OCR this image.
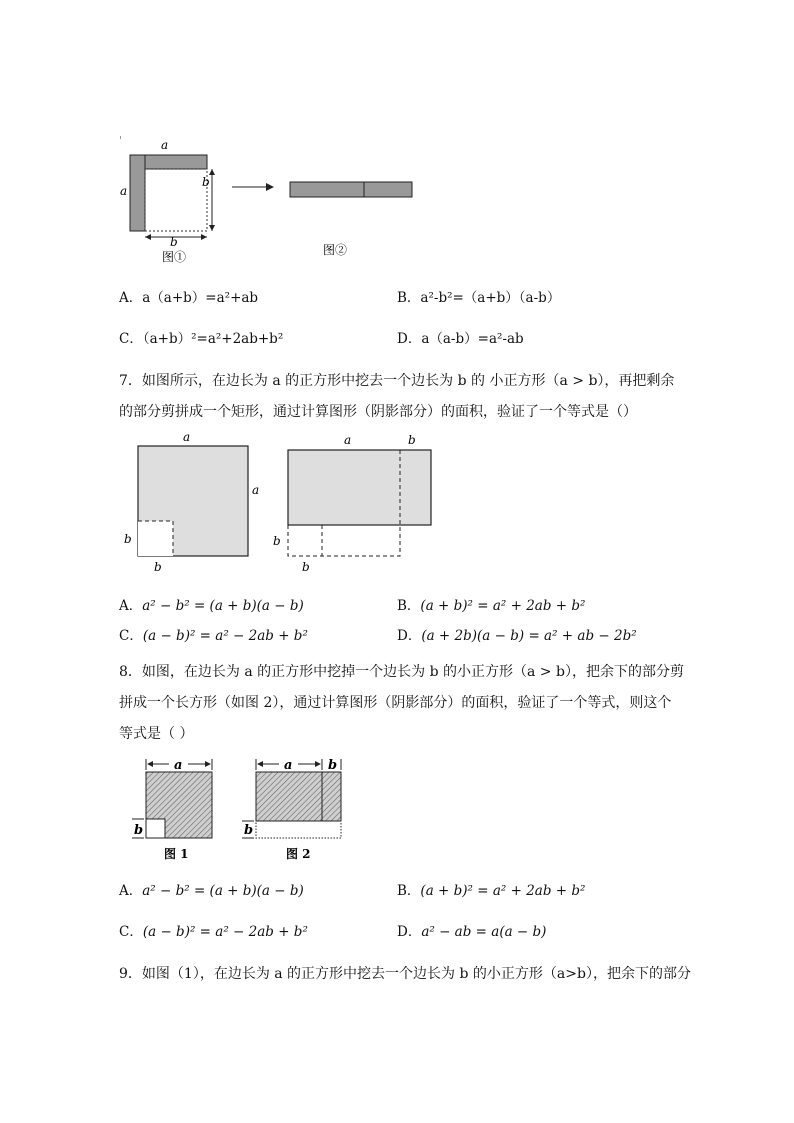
a
a
b
b
图①	图②
A．a（a+b）=a²+ab	B．a²-b²=（a+b）（a-b）
C．（a+b）²=a²+2ab+b²	D．a（a-b）=a²-ab
7．如图所示，在边长为 a 的正方形中挖去一个边长为 b 的 小正方形（a > b），再把剩余
的部分剪拼成一个矩形，通过计算图形（阴影部分）的面积，验证了一个等式是（）
a
a
b
b
a	b
b
b
A．a² − b² = (a + b)(a − b)	B．(a + b)² = a² + 2ab + b²
C．(a − b)² = a² − 2ab + b²	D．(a + 2b)(a − b) = a² + ab − 2b²
8．如图，在边长为 a 的正方形中挖掉一个边长为 b 的小正方形（a > b），把余下的部分剪
拼成一个长方形（如图 2），通过计算图形（阴影部分）的面积，验证了一个等式，则这个
等式是（ ）
a
b
图 1
a	b
b
图 2
A．a² − b² = (a + b)(a − b)	B．(a + b)² = a² + 2ab + b²
C．(a − b)² = a² − 2ab + b²	D．a² − ab = a(a − b)
9．如图（1），在边长为 a 的正方形中挖去一个边长为 b 的小正方形（a>b），把余下的部分
